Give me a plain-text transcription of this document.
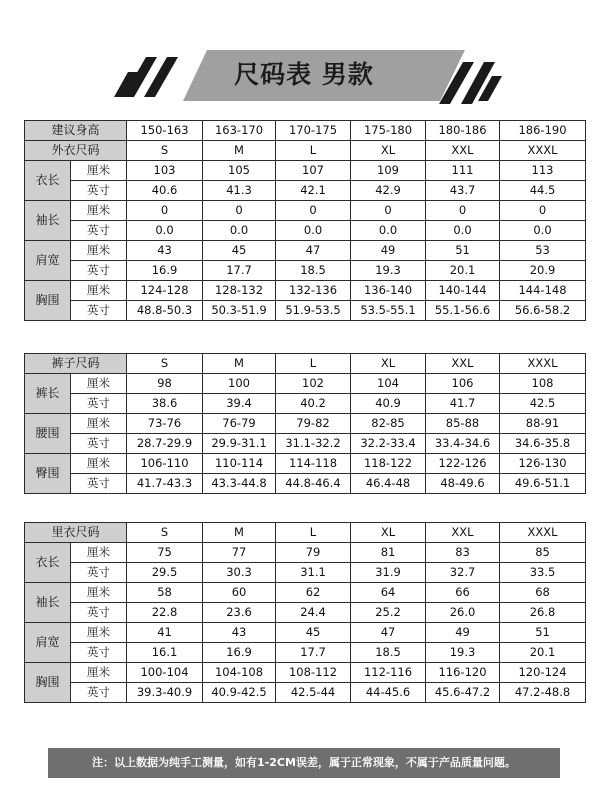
尺码表 男款
建议身高		150-163	163-170	170-175	175-180	180-186	186-190
外衣尺码		S	M	L	XL	XXL	XXXL
衣长	厘米	103	105	107	109	111	113
	英寸	40.6	41.3	42.1	42.9	43.7	44.5
袖长	厘米	0	0	0	0	0	0
	英寸	0.0	0.0	0.0	0.0	0.0	0.0
肩宽	厘米	43	45	47	49	51	53
	英寸	16.9	17.7	18.5	19.3	20.1	20.9
胸围	厘米	124-128	128-132	132-136	136-140	140-144	144-148
	英寸	48.8-50.3	50.3-51.9	51.9-53.5	53.5-55.1	55.1-56.6	56.6-58.2
裤子尺码		S	M	L	XL	XXL	XXXL
裤长	厘米	98	100	102	104	106	108
	英寸	38.6	39.4	40.2	40.9	41.7	42.5
腰围	厘米	73-76	76-79	79-82	82-85	85-88	88-91
	英寸	28.7-29.9	29.9-31.1	31.1-32.2	32.2-33.4	33.4-34.6	34.6-35.8
臀围	厘米	106-110	110-114	114-118	118-122	122-126	126-130
	英寸	41.7-43.3	43.3-44.8	44.8-46.4	46.4-48	48-49.6	49.6-51.1
里衣尺码		S	M	L	XL	XXL	XXXL
衣长	厘米	75	77	79	81	83	85
	英寸	29.5	30.3	31.1	31.9	32.7	33.5
袖长	厘米	58	60	62	64	66	68
	英寸	22.8	23.6	24.4	25.2	26.0	26.8
肩宽	厘米	41	43	45	47	49	51
	英寸	16.1	16.9	17.7	18.5	19.3	20.1
胸围	厘米	100-104	104-108	108-112	112-116	116-120	120-124
	英寸	39.3-40.9	40.9-42.5	42.5-44	44-45.6	45.6-47.2	47.2-48.8
注：以上数据为纯手工测量，如有1-2CM误差，属于正常现象，不属于产品质量问题。
